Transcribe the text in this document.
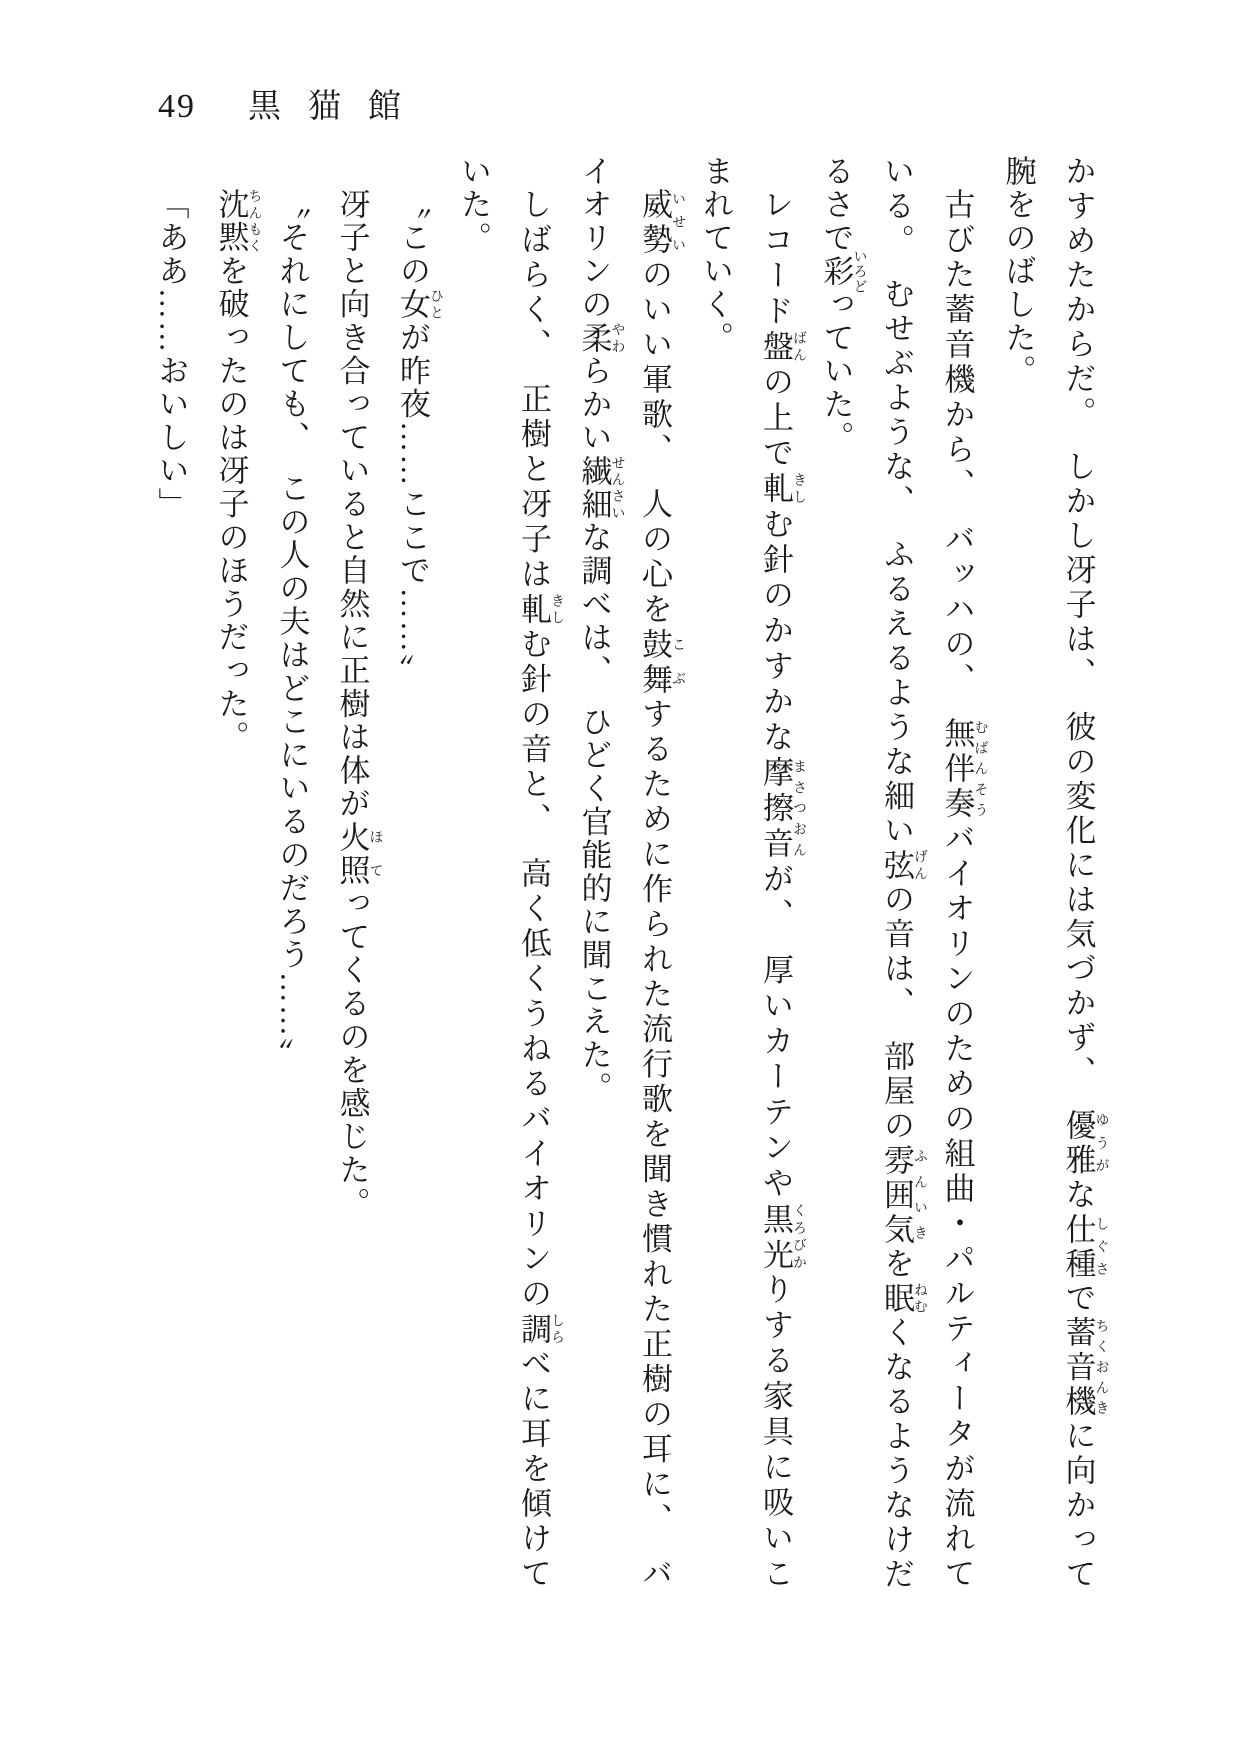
49 黒猫館
かすめたからだ。　しかし冴子は、　彼の変化には気づかず、　優雅ゆうがな仕種しぐさで蓄音機ちくおんきに向かって
腕をのばした。
古びた蓄音機から、　バッハの、　無伴奏むばんそうバイオリンのための組曲・パルティータが流れて
いる。　むせぶような、　ふるえるような細い弦げんの音は、　部屋の雰囲気ふんいきを眠ねむくなるようなけだ
るさで彩いろどっていた。
レコード盤ばんの上で軋きしむ針のかすかな摩擦音まさつおんが、　厚いカーテンや黒光くろびかりする家具に吸いこ
まれていく。
威勢いせいのいい軍歌、　人の心を鼓舞こぶするために作られた流行歌を聞き慣れた正樹の耳に、　バ
イオリンの柔やわらかい繊細せんさいな調べは、　ひどく官能的に聞こえた。
しばらく、　正樹と冴子は軋きしむ針の音と、　高く低くうねるバイオリンの調しらべに耳を傾けて
いた。
〝この女ひとが昨夜……ここで……〟
冴子と向き合っていると自然に正樹は体が火照ほてってくるのを感じた。
〝それにしても、　この人の夫はどこにいるのだろう……〟
沈黙ちんもくを破ったのは冴子のほうだった。
「ああ……おいしい」
